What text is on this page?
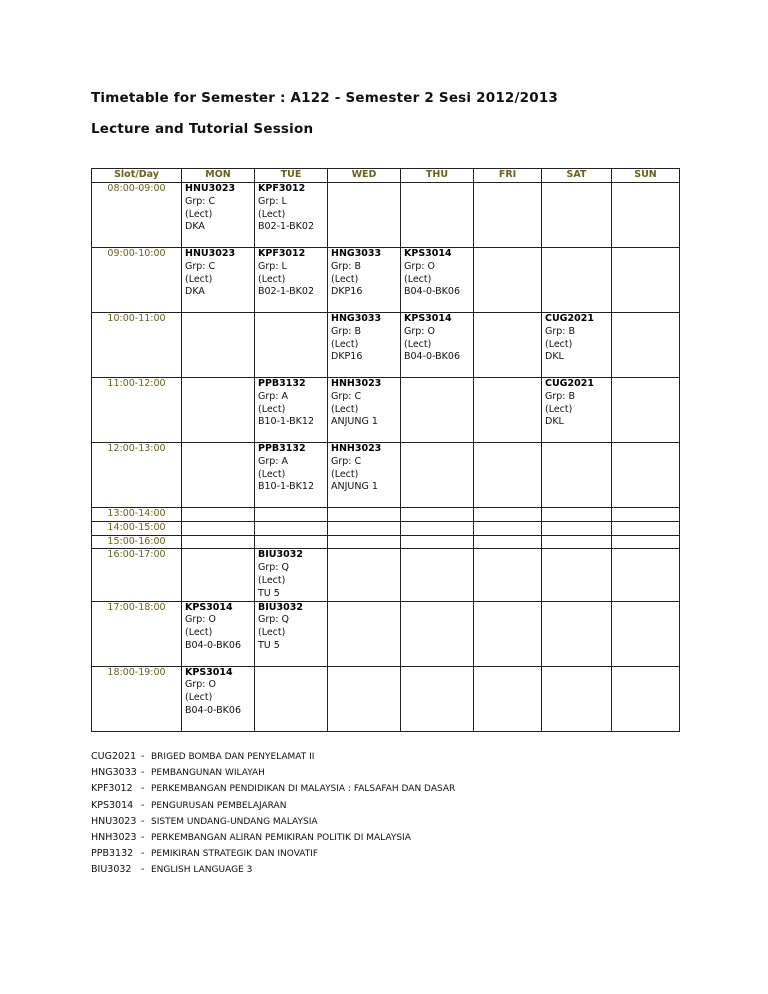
Timetable for Semester : A122 - Semester 2 Sesi 2012/2013
Lecture and Tutorial Session
Slot/Day	MON	TUE	WED	THU	FRI	SAT	SUN
08:00-09:00	HNU3023
Grp: C
(Lect)
DKA	KPF3012
Grp: L
(Lect)
B02-1-BK02					

09:00-10:00	HNU3023
Grp: C
(Lect)
DKA	KPF3012
Grp: L
(Lect)
B02-1-BK02	HNG3033
Grp: B
(Lect)
DKP16	KPS3014
Grp: O
(Lect)
B04-0-BK06			

10:00-11:00			HNG3033
Grp: B
(Lect)
DKP16	KPS3014
Grp: O
(Lect)
B04-0-BK06		CUG2021
Grp: B
(Lect)
DKL	

11:00-12:00		PPB3132
Grp: A
(Lect)
B10-1-BK12	HNH3023
Grp: C
(Lect)
ANJUNG 1			CUG2021
Grp: B
(Lect)
DKL	

12:00-13:00		PPB3132
Grp: A
(Lect)
B10-1-BK12	HNH3023
Grp: C
(Lect)
ANJUNG 1				

13:00-14:00							
14:00-15:00							
15:00-16:00							
16:00-17:00		BIU3032
Grp: Q
(Lect)
TU 5					

17:00-18:00	KPS3014
Grp: O
(Lect)
B04-0-BK06	BIU3032
Grp: Q
(Lect)
TU 5					

18:00-19:00	KPS3014
Grp: O
(Lect)
B04-0-BK06						

CUG2021 - BRIGED BOMBA DAN PENYELAMAT II
HNG3033 - PEMBANGUNAN WILAYAH
KPF3012 - PERKEMBANGAN PENDIDIKAN DI MALAYSIA : FALSAFAH DAN DASAR
KPS3014 - PENGURUSAN PEMBELAJARAN
HNU3023 - SISTEM UNDANG-UNDANG MALAYSIA
HNH3023 - PERKEMBANGAN ALIRAN PEMIKIRAN POLITIK DI MALAYSIA
PPB3132 - PEMIKIRAN STRATEGIK DAN INOVATIF
BIU3032 - ENGLISH LANGUAGE 3
